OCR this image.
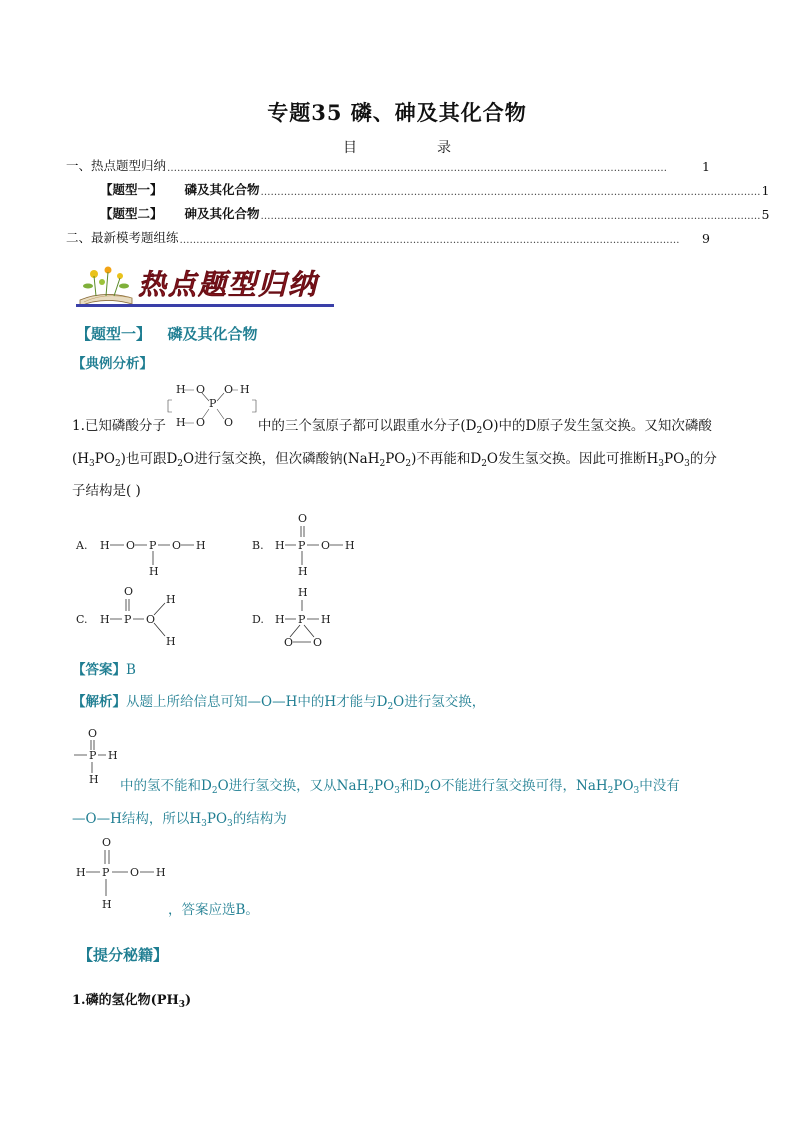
专题35 磷、砷及其化合物
目	录
一、热点题型归纳 ……………………………………………………………………………………………………………………………………	1
【题型一】 磷及其化合物 …………………………………………………………………………………………………………………………………… 1
【题型二】 砷及其化合物 …………………………………………………………………………………………………………………………………… 5
二、最新模考题组练 ……………………………………………………………………………………………………………………………………	9
热点题型归纳
【题型一】 磷及其化合物
【典例分析】
H O O H
P
H O O
1.已知磷酸分子	中的三个氢原子都可以跟重水分子$(D_2O)$中的D原子发生氢交换。又知次磷酸
$(H_3PO_2)$也可跟$D_2O$进行氢交换，但次磷酸钠$(NaH_2PO_2)$不再能和$D_2O$发生氢交换。因此可推断$H_3PO_3$的分
子结构是( )
A. H O P O H
H
B. H P O H
O
H
C. H P O
O
H
H
D. H P H
H
O O
【答案】B
【解析】从题上所给信息可知—O—H中的H才能与$D_2O$进行氢交换，
O
P H
H 中的氢不能和$D_2O$进行氢交换，又从$NaH_2PO_3$和$D_2O$不能进行氢交换可得，$NaH_2PO_3$中没有
—O—H结构，所以$H_3PO_3$的结构为
O
H P O H
H	，答案应选B。
【提分秘籍】
1.磷的氢化物$(PH_3)$
